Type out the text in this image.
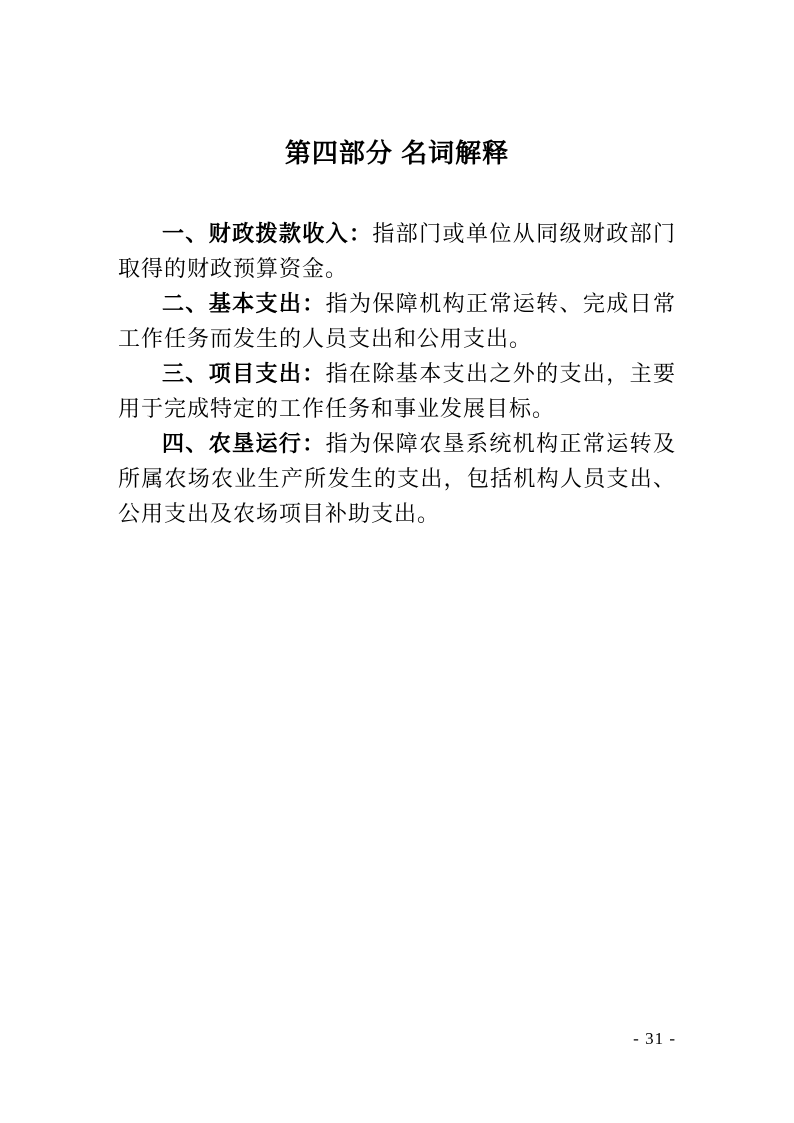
第四部分 名词解释

一、财政拨款收入：指部门或单位从同级财政部门取得的财政预算资金。

二、基本支出：指为保障机构正常运转、完成日常工作任务而发生的人员支出和公用支出。

三、项目支出：指在除基本支出之外的支出，主要用于完成特定的工作任务和事业发展目标。

四、农垦运行：指为保障农垦系统机构正常运转及所属农场农业生产所发生的支出，包括机构人员支出、公用支出及农场项目补助支出。

- 31 -
